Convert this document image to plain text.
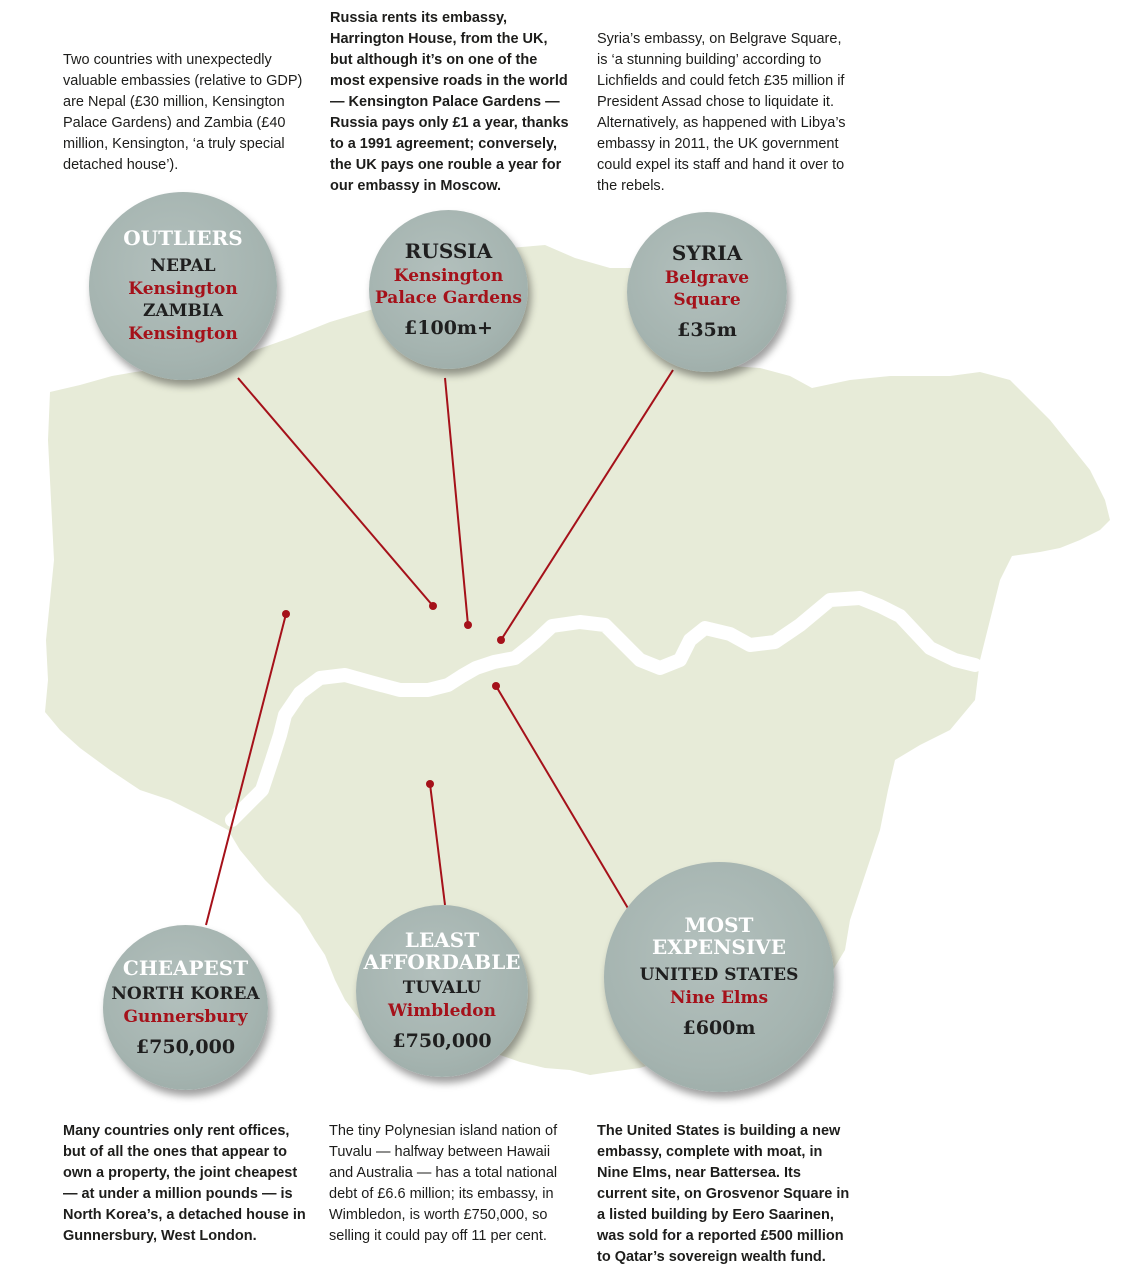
Two countries with unexpectedly valuable embassies (relative to GDP) are Nepal (£30 million, Kensington Palace Gardens) and Zambia (£40 million, Kensington, ‘a truly special detached house’).
Russia rents its embassy, Harrington House, from the UK, but although it’s on one of the most expensive roads in the world — Kensington Palace Gardens — Russia pays only £1 a year, thanks to a 1991 agreement; conversely, the UK pays one rouble a year for our embassy in Moscow.
Syria’s embassy, on Belgrave Square, is ‘a stunning building’ according to Lichfields and could fetch £35 million if President Assad chose to liquidate it. Alternatively, as happened with Libya’s embassy in 2011, the UK government could expel its staff and hand it over to the rebels.
OUTLIERS
NEPAL
Kensington
ZAMBIA
Kensington
RUSSIA
Kensington
Palace Gardens
£100m+
SYRIA
Belgrave
Square
£35m
CHEAPEST
NORTH KOREA
Gunnersbury
£750,000
LEAST
AFFORDABLE
TUVALU
Wimbledon
£750,000
MOST
EXPENSIVE
UNITED STATES
Nine Elms
£600m
Many countries only rent offices, but of all the ones that appear to own a property, the joint cheapest — at under a million pounds — is North Korea’s, a detached house in Gunnersbury, West London.
The tiny Polynesian island nation of Tuvalu — halfway between Hawaii and Australia — has a total national debt of £6.6 million; its embassy, in Wimbledon, is worth £750,000, so selling it could pay off 11 per cent.
The United States is building a new embassy, complete with moat, in Nine Elms, near Battersea. Its current site, on Grosvenor Square in a listed building by Eero Saarinen, was sold for a reported £500 million to Qatar’s sovereign wealth fund.
